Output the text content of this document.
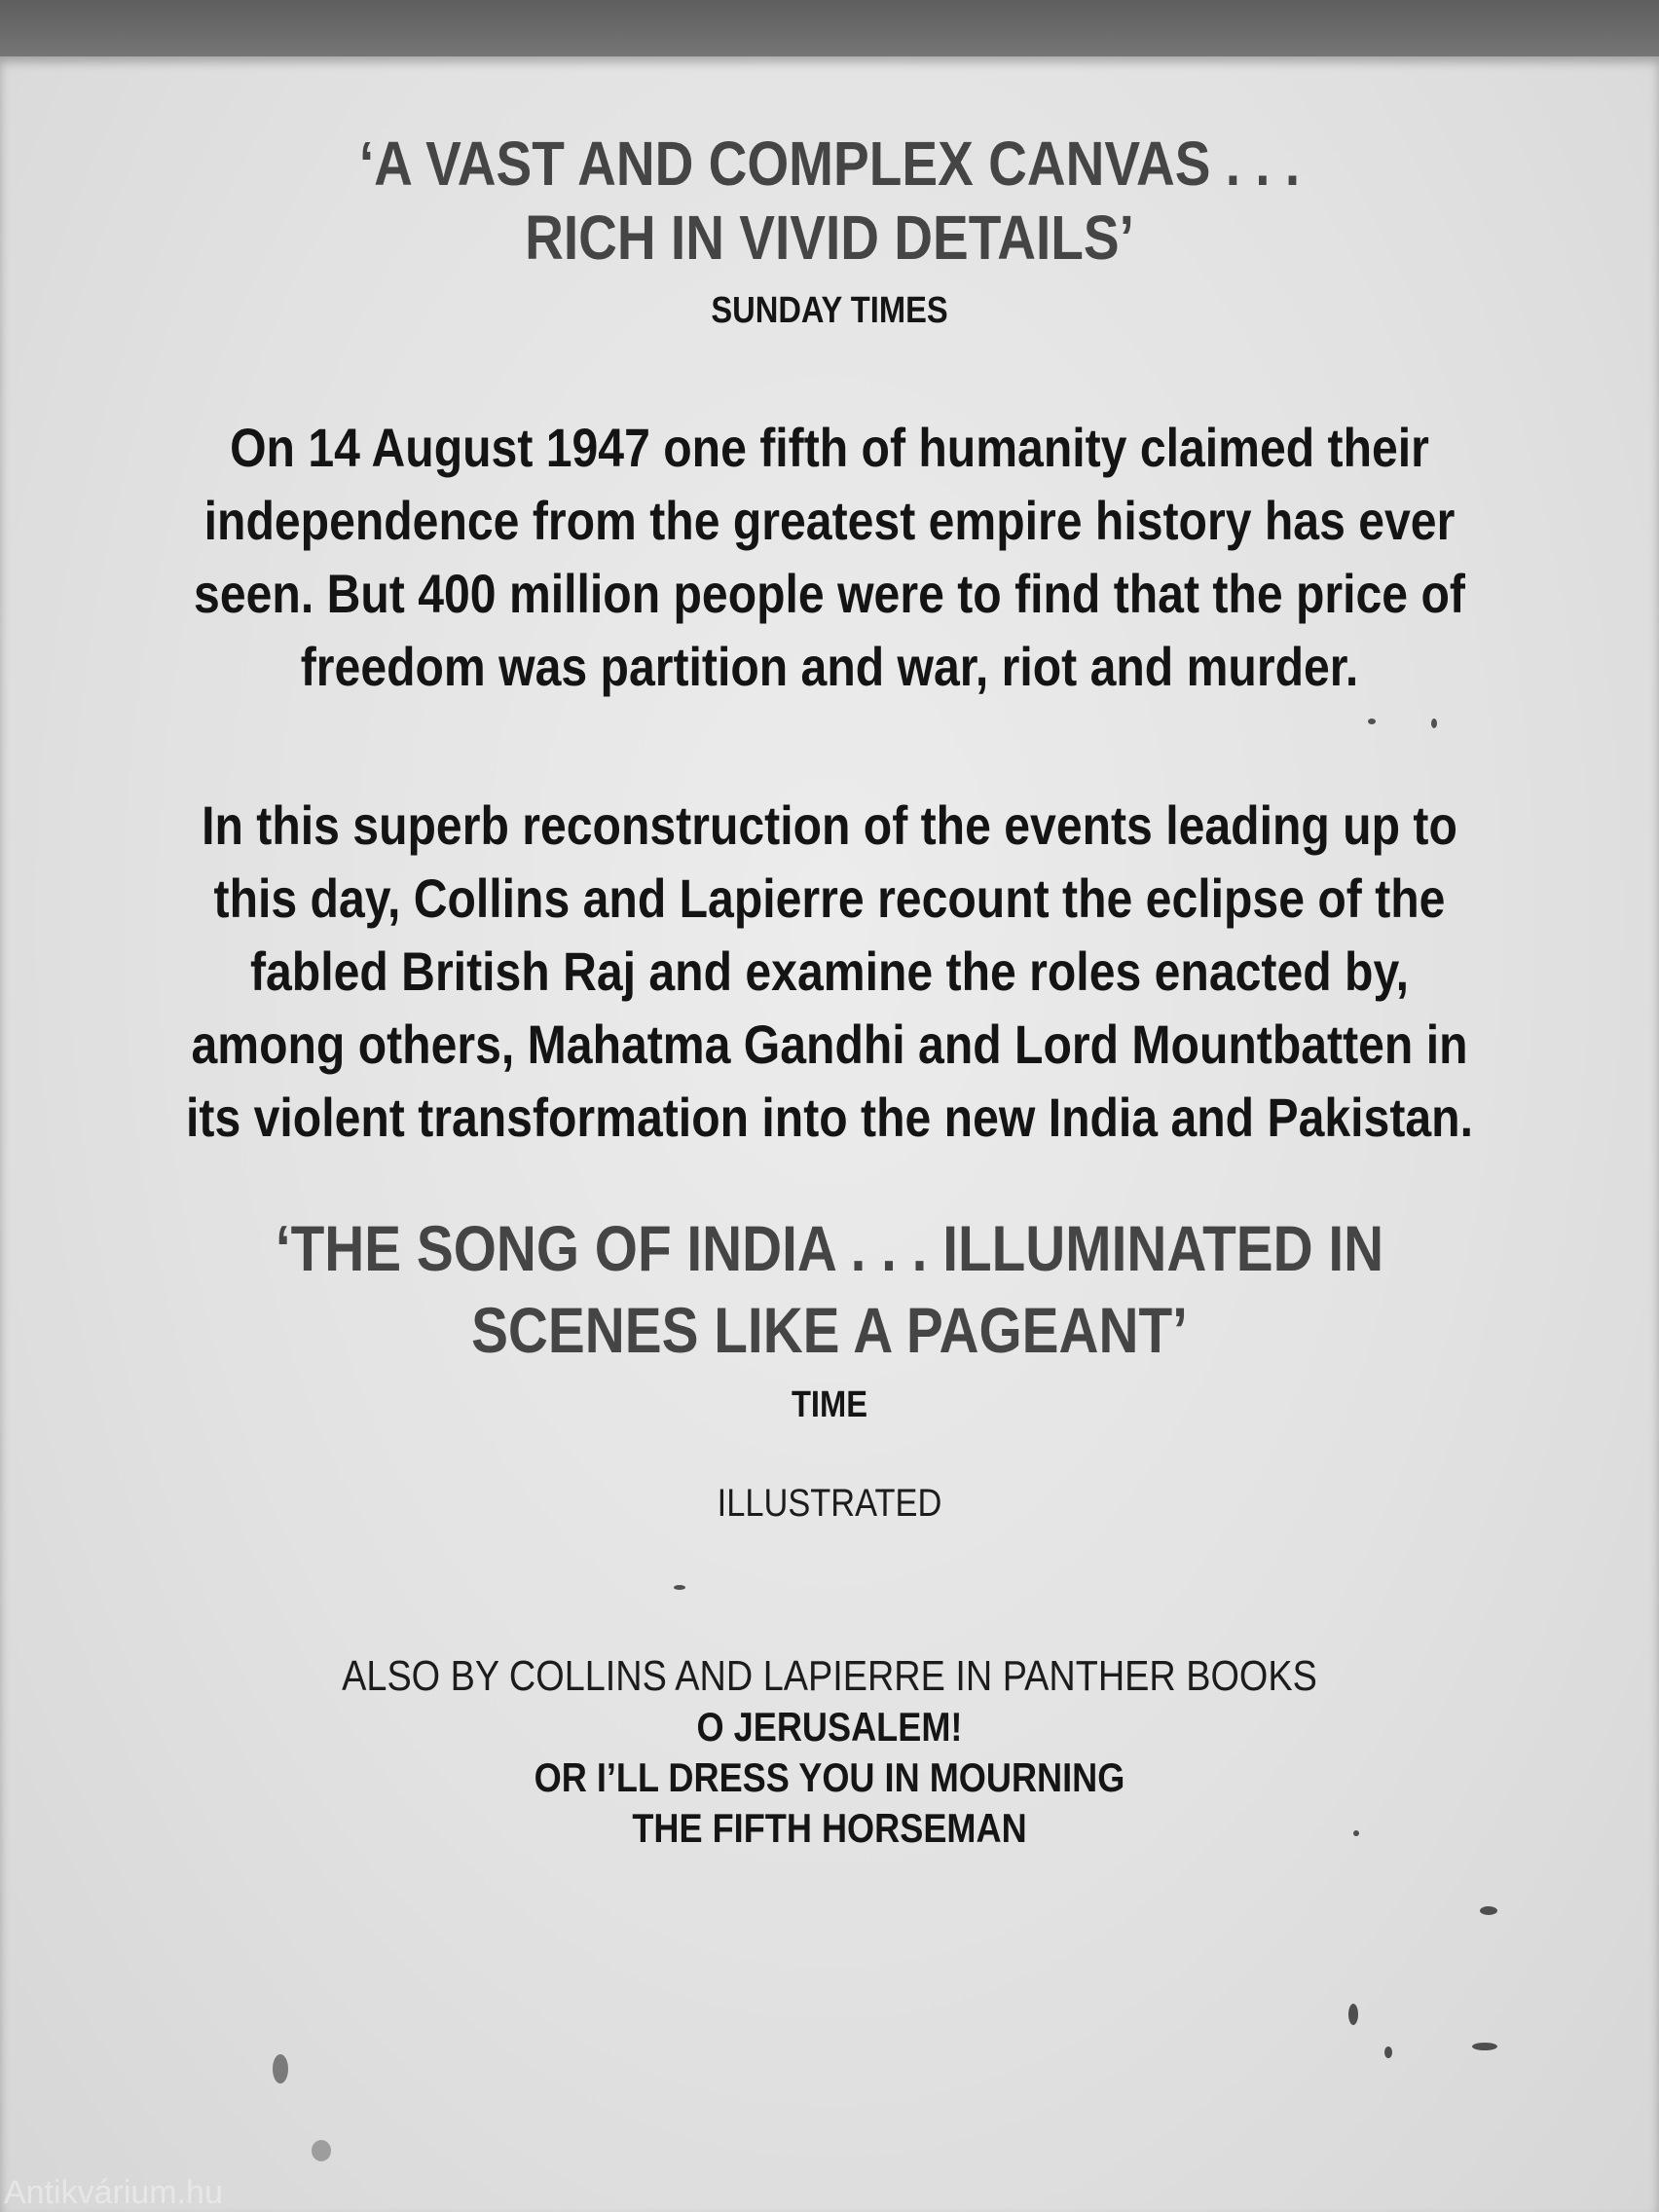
‘A VAST AND COMPLEX CANVAS . . .
RICH IN VIVID DETAILS’
SUNDAY TIMES

On 14 August 1947 one fifth of humanity claimed their

independence from the greatest empire history has ever

seen. But 400 million people were to find that the price of

freedom was partition and war, riot and murder.

In this superb reconstruction of the events leading up to

this day, Collins and Lapierre recount the eclipse of the

fabled British Raj and examine the roles enacted by,

among others, Mahatma Gandhi and Lord Mountbatten in

its violent transformation into the new India and Pakistan.

‘THE SONG OF INDIA . . . ILLUMINATED IN
SCENES LIKE A PAGEANT’
TIME
ILLUSTRATED
ALSO BY COLLINS AND LAPIERRE IN PANTHER BOOKS
O JERUSALEM!
OR I’LL DRESS YOU IN MOURNING
THE FIFTH HORSEMAN
Antikvárium.hu
